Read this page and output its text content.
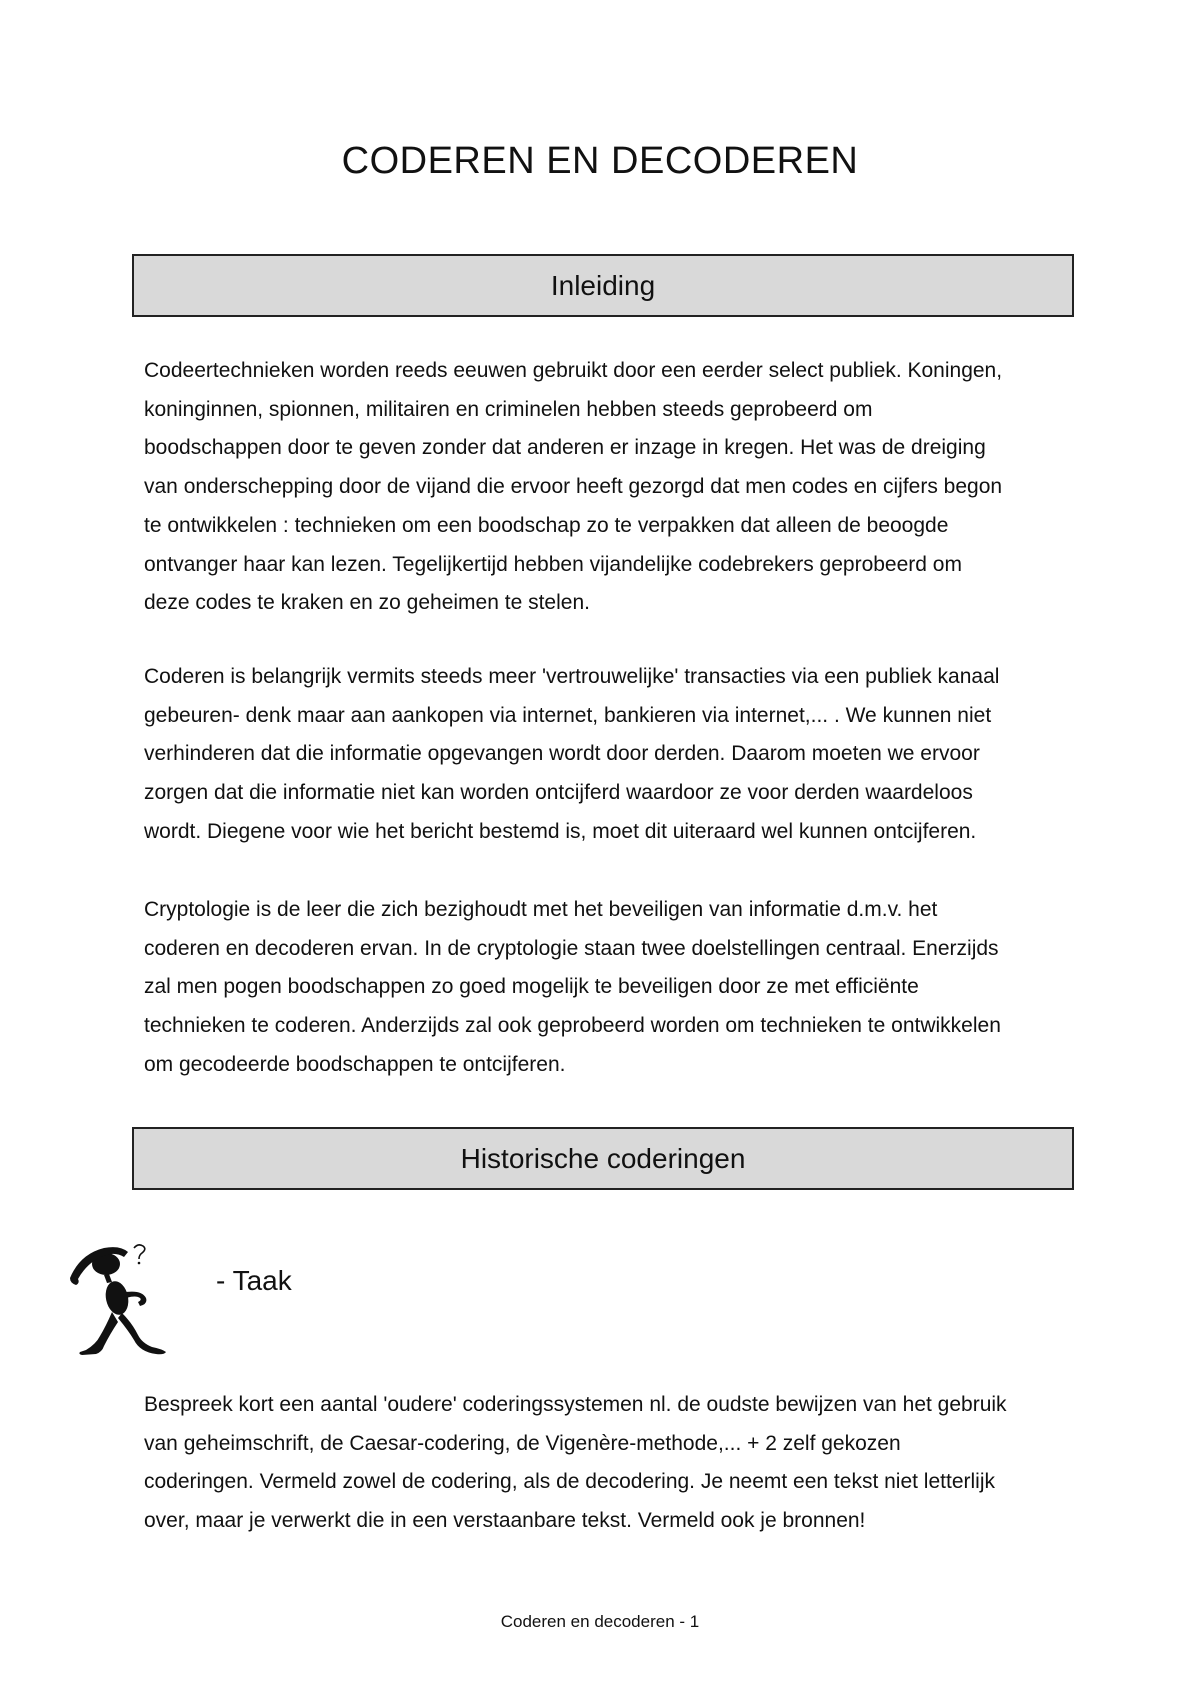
CODEREN EN DECODEREN
Inleiding
Codeertechnieken worden reeds eeuwen gebruikt door een eerder select publiek. Koningen,
koninginnen, spionnen, militairen en criminelen hebben steeds geprobeerd om
boodschappen door te geven zonder dat anderen er inzage in kregen. Het was de dreiging
van onderschepping door de vijand die ervoor heeft gezorgd dat men codes en cijfers begon
te ontwikkelen : technieken om een boodschap zo te verpakken dat alleen de beoogde
ontvanger haar kan lezen. Tegelijkertijd hebben vijandelijke codebrekers geprobeerd om
deze codes te kraken en zo geheimen te stelen.
Coderen is belangrijk vermits steeds meer 'vertrouwelijke' transacties via een publiek kanaal
gebeuren- denk maar aan aankopen via internet, bankieren via internet,... . We kunnen niet
verhinderen dat die informatie opgevangen wordt door derden. Daarom moeten we ervoor
zorgen dat die informatie niet kan worden ontcijferd waardoor ze voor derden waardeloos
wordt. Diegene voor wie het bericht bestemd is, moet dit uiteraard wel kunnen ontcijferen.
Cryptologie is de leer die zich bezighoudt met het beveiligen van informatie d.m.v. het
coderen en decoderen ervan. In de cryptologie staan twee doelstellingen centraal. Enerzijds
zal men pogen boodschappen zo goed mogelijk te beveiligen door ze met efficiënte
technieken te coderen. Anderzijds zal ook geprobeerd worden om technieken te ontwikkelen
om gecodeerde boodschappen te ontcijferen.
Historische coderingen
- Taak
Bespreek kort een aantal 'oudere' coderingssystemen nl. de oudste bewijzen van het gebruik
van geheimschrift, de Caesar-codering, de Vigenère-methode,... + 2 zelf gekozen
coderingen. Vermeld zowel de codering, als de decodering. Je neemt een tekst niet letterlijk
over, maar je verwerkt die in een verstaanbare tekst. Vermeld ook je bronnen!
Coderen en decoderen - 1
